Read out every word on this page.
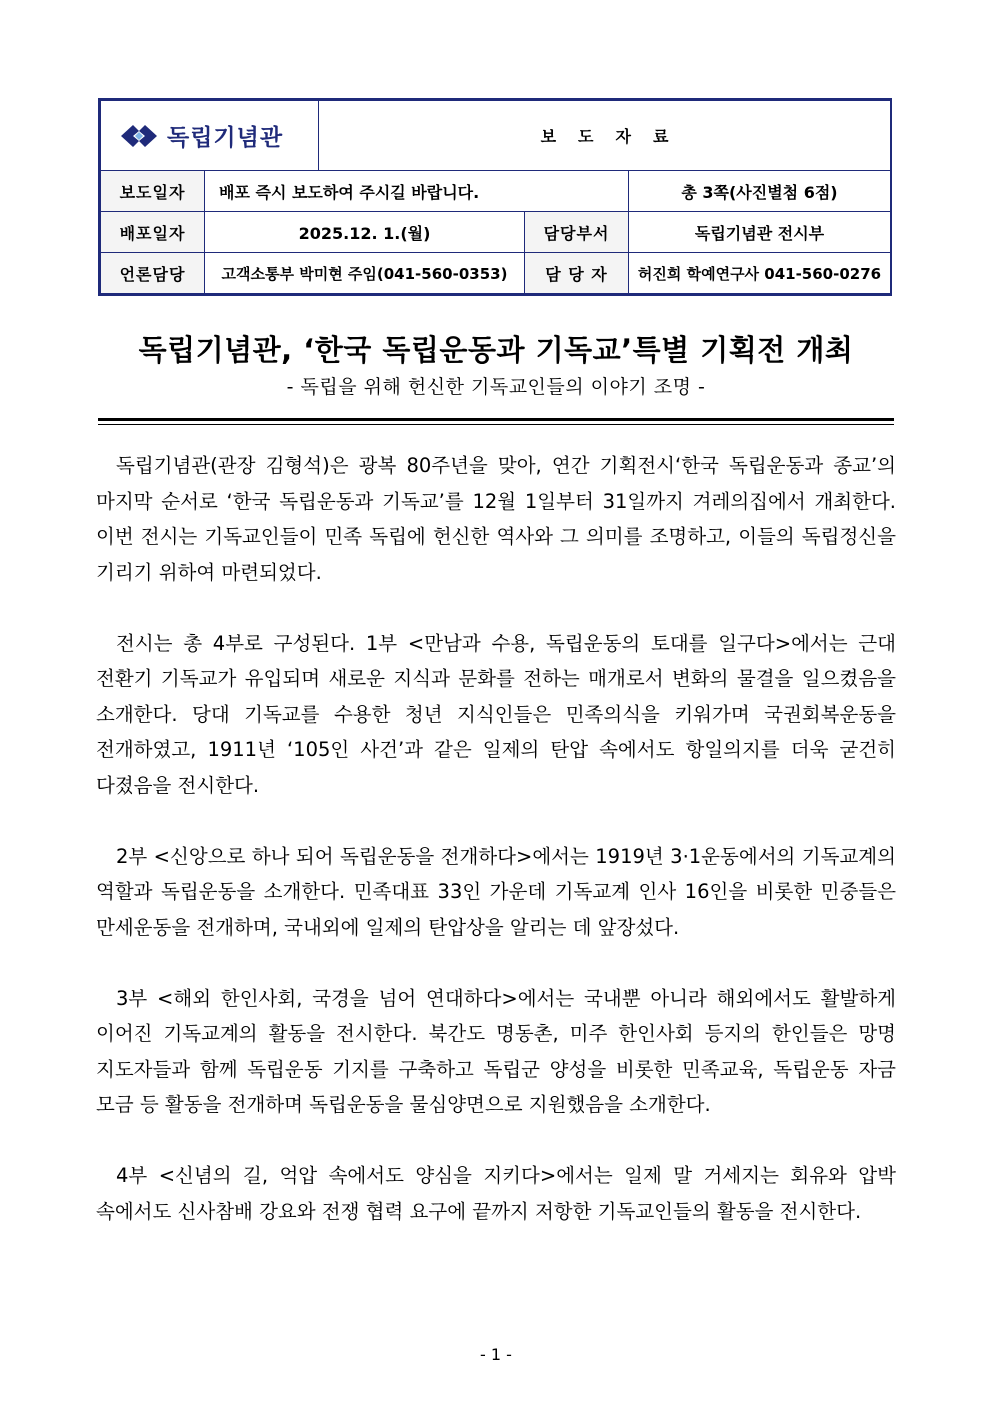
독립기념관		보도자료		
보도일자	배포 즉시 보도하여 주시길 바랍니다.			총 3쪽(사진별첨 6점)
배포일자	2025.12. 1.(월)		담당부서	독립기념관 전시부
언론담당	고객소통부 박미현 주임(041-560-0353)		담 당 자	허진희 학예연구사 041-560-0276
독립기념관, ‘한국 독립운동과 기독교’특별 기획전 개최
- 독립을 위해 헌신한 기독교인들의 이야기 조명 -

독립기념관(관장 김형석)은 광복 80주년을 맞아, 연간 기획전시‘한국 독립운동과 종교’의 마지막 순서로 ‘한국 독립운동과 기독교’를 12월 1일부터 31일까지 겨레의집에서 개최한다. 이번 전시는 기독교인들이 민족 독립에 헌신한 역사와 그 의미를 조명하고, 이들의 독립정신을 기리기 위하여 마련되었다.

전시는 총 4부로 구성된다. 1부 <만남과 수용, 독립운동의 토대를 일구다>에서는 근대 전환기 기독교가 유입되며 새로운 지식과 문화를 전하는 매개로서 변화의 물결을 일으켰음을 소개한다. 당대 기독교를 수용한 청년 지식인들은 민족의식을 키워가며 국권회복운동을 전개하였고, 1911년 ‘105인 사건’과 같은 일제의 탄압 속에서도 항일의지를 더욱 굳건히 다졌음을 전시한다.

2부 <신앙으로 하나 되어 독립운동을 전개하다>에서는 1919년 3·1운동에서의 기독교계의 역할과 독립운동을 소개한다. 민족대표 33인 가운데 기독교계 인사 16인을 비롯한 민중들은 만세운동을 전개하며, 국내외에 일제의 탄압상을 알리는 데 앞장섰다.

3부 <해외 한인사회, 국경을 넘어 연대하다>에서는 국내뿐 아니라 해외에서도 활발하게 이어진 기독교계의 활동을 전시한다. 북간도 명동촌, 미주 한인사회 등지의 한인들은 망명 지도자들과 함께 독립운동 기지를 구축하고 독립군 양성을 비롯한 민족교육, 독립운동 자금 모금 등 활동을 전개하며 독립운동을 물심양면으로 지원했음을 소개한다.

4부 <신념의 길, 억압 속에서도 양심을 지키다>에서는 일제 말 거세지는 회유와 압박 속에서도 신사참배 강요와 전쟁 협력 요구에 끝까지 저항한 기독교인들의 활동을 전시한다.

- 1 -
